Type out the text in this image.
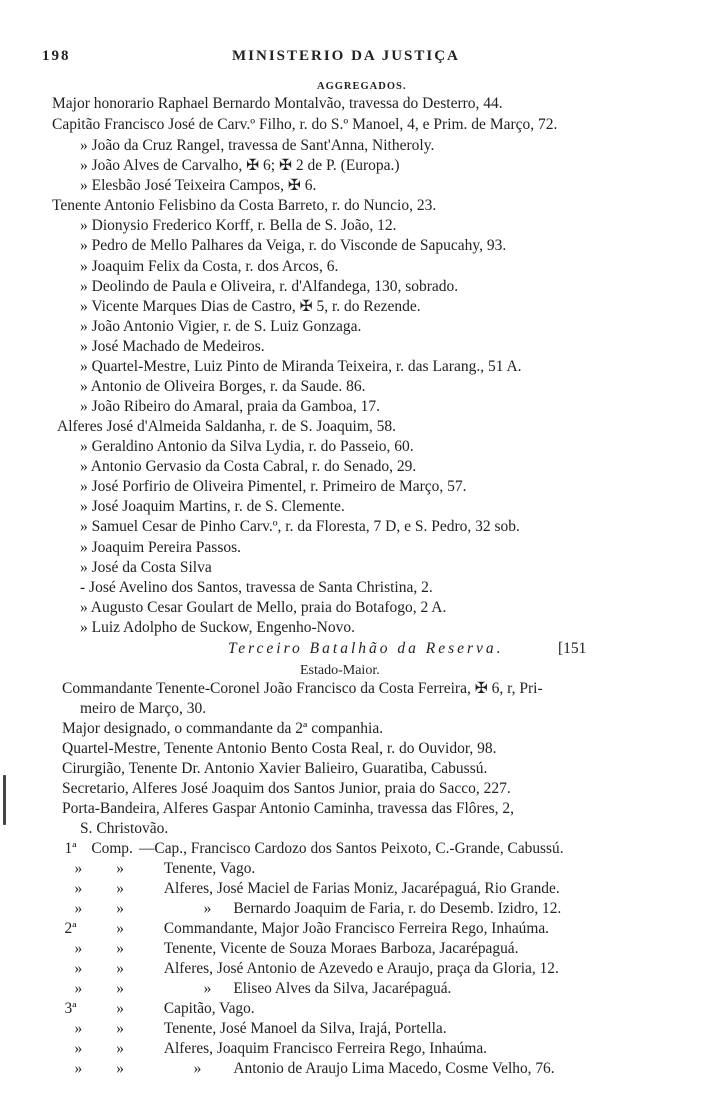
198	MINISTERIO DA JUSTIÇA
AGGREGADOS.
Major honorario Raphael Bernardo Montalvão, travessa do Desterro, 44.
Capitão Francisco José de Carv.º Filho, r. do S.º Manoel, 4, e Prim. de Março, 72.
» João da Cruz Rangel, travessa de Sant'Anna, Nitheroly.
» João Alves de Carvalho, ✠ 6; ✠ 2 de P. (Europa.)
» Elesbão José Teixeira Campos, ✠ 6.
Tenente Antonio Felisbino da Costa Barreto, r. do Nuncio, 23.
» Dionysio Frederico Korff, r. Bella de S. João, 12.
» Pedro de Mello Palhares da Veiga, r. do Visconde de Sapucahy, 93.
» Joaquim Felix da Costa, r. dos Arcos, 6.
» Deolindo de Paula e Oliveira, r. d'Alfandega, 130, sobrado.
» Vicente Marques Dias de Castro, ✠ 5, r. do Rezende.
» João Antonio Vigier, r. de S. Luiz Gonzaga.
» José Machado de Medeiros.
» Quartel-Mestre, Luiz Pinto de Miranda Teixeira, r. das Larang., 51 A.
» Antonio de Oliveira Borges, r. da Saude. 86.
» João Ribeiro do Amaral, praia da Gamboa, 17.
Alferes José d'Almeida Saldanha, r. de S. Joaquim, 58.
» Geraldino Antonio da Silva Lydia, r. do Passeio, 60.
» Antonio Gervasio da Costa Cabral, r. do Senado, 29.
» José Porfirio de Oliveira Pimentel, r. Primeiro de Março, 57.
» José Joaquim Martins, r. de S. Clemente.
» Samuel Cesar de Pinho Carv.º, r. da Floresta, 7 D, e S. Pedro, 32 sob.
» Joaquim Pereira Passos.
» José da Costa Silva
- José Avelino dos Santos, travessa de Santa Christina, 2.
» Augusto Cesar Goulart de Mello, praia do Botafogo, 2 A.
» Luiz Adolpho de Suckow, Engenho-Novo.
Terceiro Batalhão da Reserva.	[151
Estado-Maior.
Commandante Tenente-Coronel João Francisco da Costa Ferreira, ✠ 6, r, Pri-
meiro de Março, 30.
Major designado, o commandante da 2ª companhia.
Quartel-Mestre, Tenente Antonio Bento Costa Real, r. do Ouvidor, 98.
Cirurgião, Tenente Dr. Antonio Xavier Balieiro, Guaratiba, Cabussú.
Secretario, Alferes José Joaquim dos Santos Junior, praia do Sacco, 227.
Porta-Bandeira, Alferes Gaspar Antonio Caminha, travessa das Flôres, 2,
S. Christovão.
1ª Comp. —Cap., Francisco Cardozo dos Santos Peixoto, C.-Grande, Cabussú.
» »	Tenente, Vago.
» »	Alferes, José Maciel de Farias Moniz, Jacarépaguá, Rio Grande.
» »	» Bernardo Joaquim de Faria, r. do Desemb. Izidro, 12.
2ª	»	Commandante, Major João Francisco Ferreira Rego, Inhaúma.
» »	Tenente, Vicente de Souza Moraes Barboza, Jacarépaguá.
» »	Alferes, José Antonio de Azevedo e Araujo, praça da Gloria, 12.
» »	» Eliseo Alves da Silva, Jacarépaguá.
3ª	»	Capitão, Vago.
» »	Tenente, José Manoel da Silva, Irajá, Portella.
» »	Alferes, Joaquim Francisco Ferreira Rego, Inhaúma.
» »	» Antonio de Araujo Lima Macedo, Cosme Velho, 76.
